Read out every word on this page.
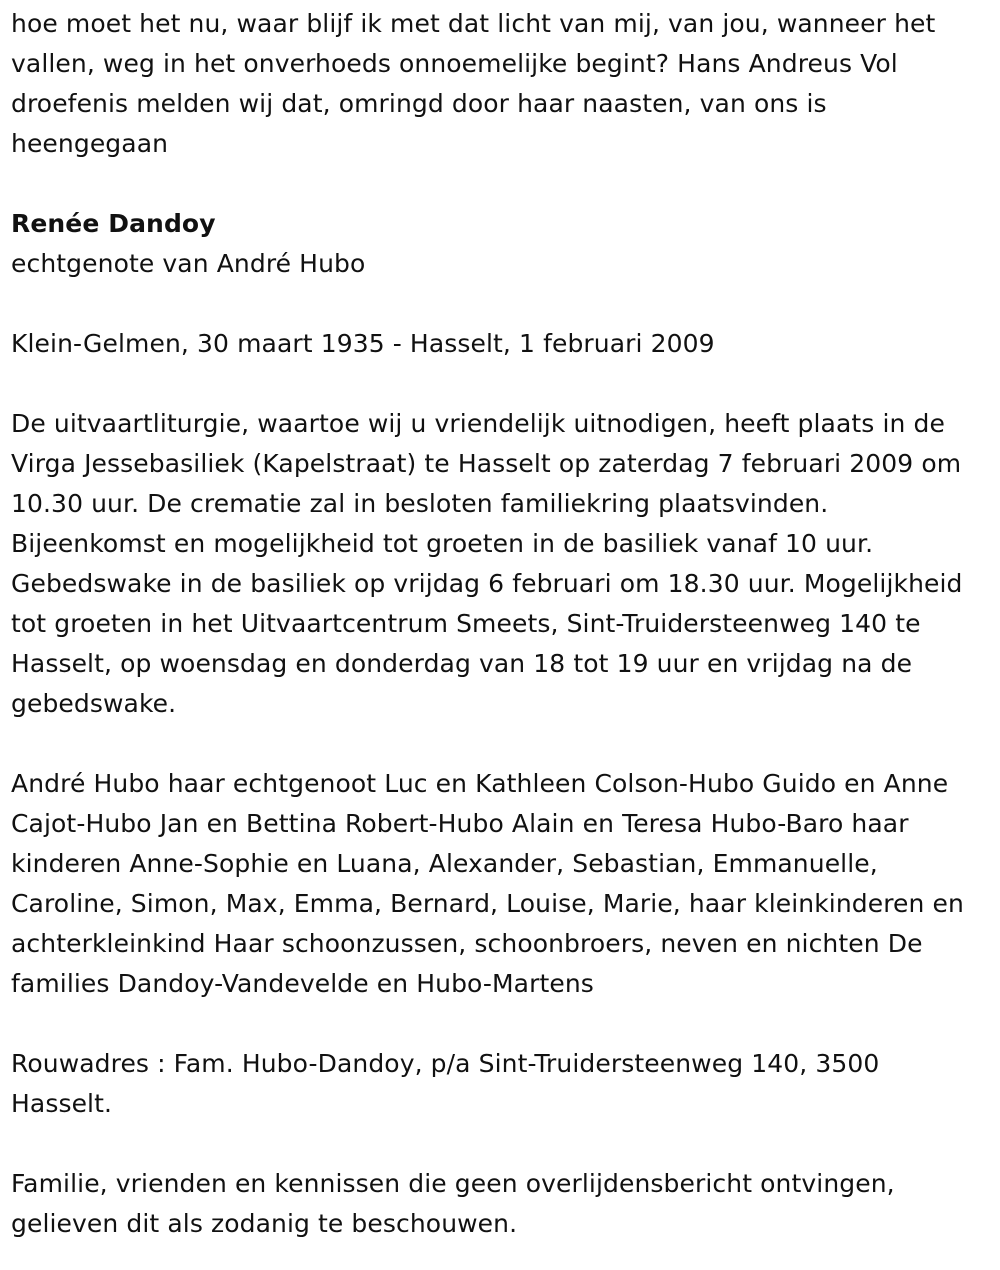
hoe moet het nu, waar blijf ik met dat licht van mij, van jou, wanneer het vallen, weg in het onverhoeds onnoemelijke begint? Hans Andreus Vol droefenis melden wij dat, omringd door haar naasten, van ons is heengegaan

Renée Dandoy

echtgenote van André Hubo

Klein-Gelmen, 30 maart 1935 - Hasselt, 1 februari 2009

De uitvaartliturgie, waartoe wij u vriendelijk uitnodigen, heeft plaats in de Virga Jessebasiliek (Kapelstraat) te Hasselt op zaterdag 7 februari 2009 om 10.30 uur. De crematie zal in besloten familiekring plaatsvinden. Bijeenkomst en mogelijkheid tot groeten in de basiliek vanaf 10 uur. Gebedswake in de basiliek op vrijdag 6 februari om 18.30 uur. Mogelijkheid tot groeten in het Uitvaartcentrum Smeets, Sint-Truidersteenweg 140 te Hasselt, op woensdag en donderdag van 18 tot 19 uur en vrijdag na de gebedswake.

André Hubo haar echtgenoot Luc en Kathleen Colson-Hubo Guido en Anne Cajot-Hubo Jan en Bettina Robert-Hubo Alain en Teresa Hubo-Baro haar kinderen Anne-Sophie en Luana, Alexander, Sebastian, Emmanuelle, Caroline, Simon, Max, Emma, Bernard, Louise, Marie, haar kleinkinderen en achterkleinkind Haar schoonzussen, schoonbroers, neven en nichten De families Dandoy-Vandevelde en Hubo-Martens

Rouwadres : Fam. Hubo-Dandoy, p/a Sint-Truidersteenweg 140, 3500 Hasselt.

Familie, vrienden en kennissen die geen overlijdensbericht ontvingen, gelieven dit als zodanig te beschouwen.
